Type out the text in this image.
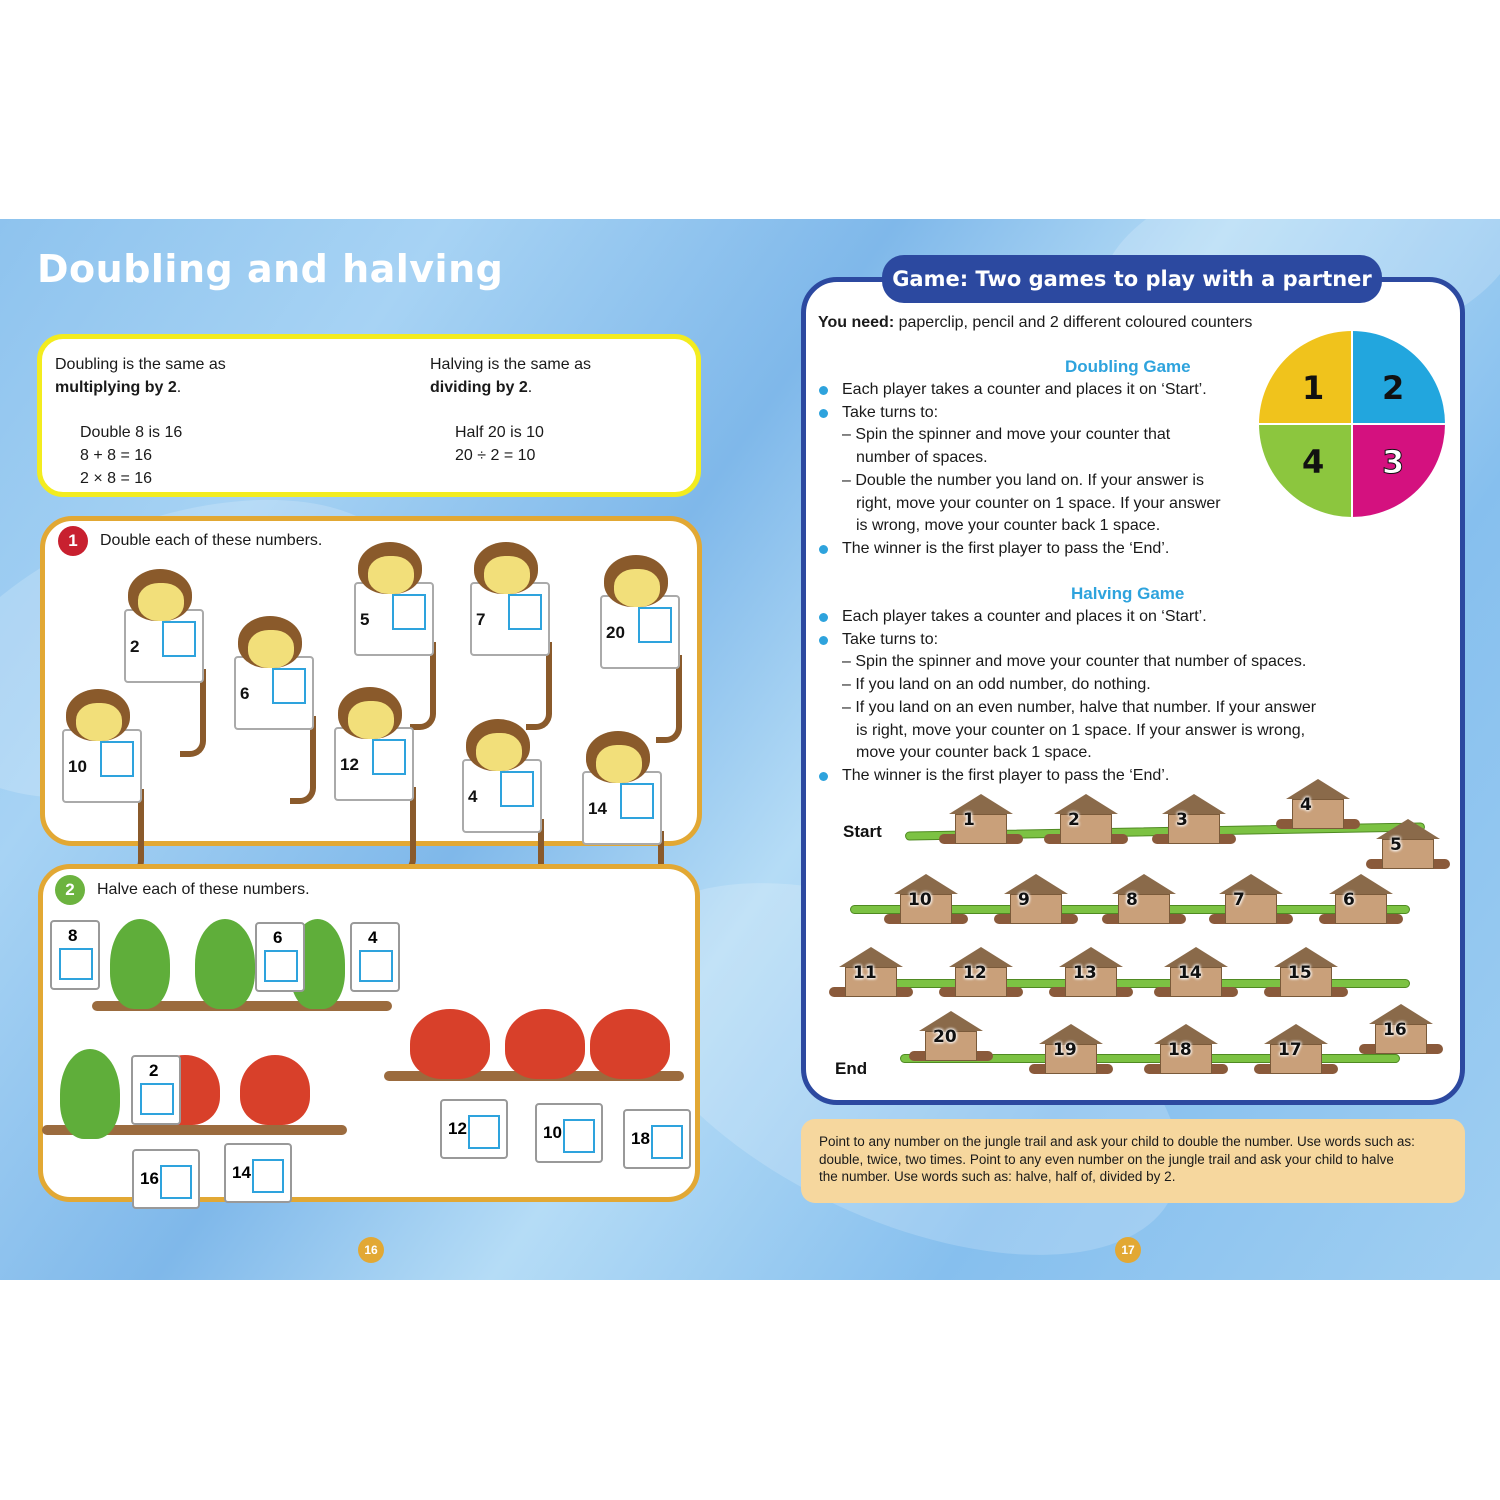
Doubling and halving
Doubling is the same as
multiplying by 2.
Double 8 is 16
8 + 8 = 16
2 × 8 = 16
Halving is the same as
dividing by 2.
Half 20 is 10
20 ÷ 2 = 10
1	Double each of these numbers.
2
6
5
12
7
4
20
14
10
2	Halve each of these numbers.
8	6	4
2
16	14
12	10	18
16
Game: Two games to play with a partner
You need: paperclip, pencil and 2 different coloured counters
Doubling Game
Each player takes a counter and places it on ‘Start’.
Take turns to:
– Spin the spinner and move your counter that
number of spaces.
– Double the number you land on. If your answer is
right, move your counter on 1 space. If your answer
is wrong, move your counter back 1 space.
The winner is the first player to pass the ‘End’.
1 2
4 3
Halving Game
Each player takes a counter and places it on ‘Start’.
Take turns to:
– Spin the spinner and move your counter that number of spaces.
– If you land on an odd number, do nothing.
– If you land on an even number, halve that number. If your answer
is right, move your counter on 1 space. If your answer is wrong,
move your counter back 1 space.
The winner is the first player to pass the ‘End’.
Start
End
1	2	3
4
5
6
7
8
9
10
11	12	13	14	15
16
17
18
19
20
Point to any number on the jungle trail and ask your child to double the number. Use words such as:
double, twice, two times. Point to any even number on the jungle trail and ask your child to halve
the number. Use words such as: halve, half of, divided by 2.
17
